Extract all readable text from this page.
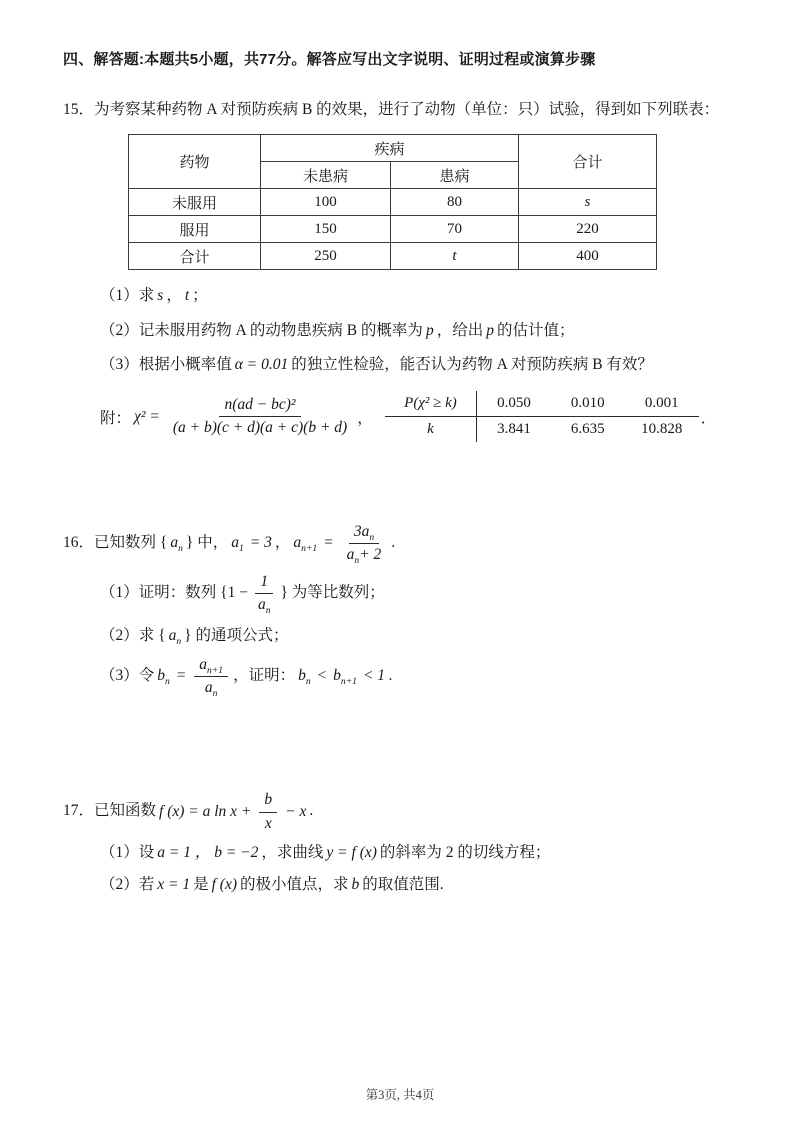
四、解答题:本题共5小题，共77分。解答应写出文字说明、证明过程或演算步骤

15．为考察某种药物 A 对预防疾病 B 的效果，进行了动物（单位：只）试验，得到如下列联表：

药物	疾病		合计
	未患病	患病	
未服用	100	80	s
服用	150	70	220
合计	250	t	400

（1）求 s ， t ；

（2）记未服用药物 A 的动物患疾病 B 的概率为 p ，给出 p 的估计值；

（3）根据小概率值 α = 0.01 的独立性检验，能否认为药物 A 对预防疾病 B 有效？

附： $\chi^2 = \frac{\text{n(ad − bc)²}}{(a + b)(c + d)(a + c)(b + d)}$ ，
P(χ² ≥ k)	0.050	0.010	0.001
k	3.841	6.635	10.828
．

16．已知数列 { $a_n$ } 中， $a_1 = 3$ ， $a_{n+1} = \frac{3a_n}{a_n+ 2}$ .

（1）证明：数列 {$1 - \frac{1}{a_n}$ } 为等比数列；

（2）求 { $a_n$ } 的通项公式；

（3）令 $b_n = \frac{a_{n+1}}{a_n}$ ，证明： $b_n < b_{n+1} < 1$ .

17．已知函数 f (x) = a $\ln x + \frac{b}{x} - x$ .

（1）设 a = 1 ， b = −2 ，求曲线 y = f (x) 的斜率为 2 的切线方程；

（2）若 x = 1 是 f (x) 的极小值点，求 b 的取值范围.

第3页, 共4页
